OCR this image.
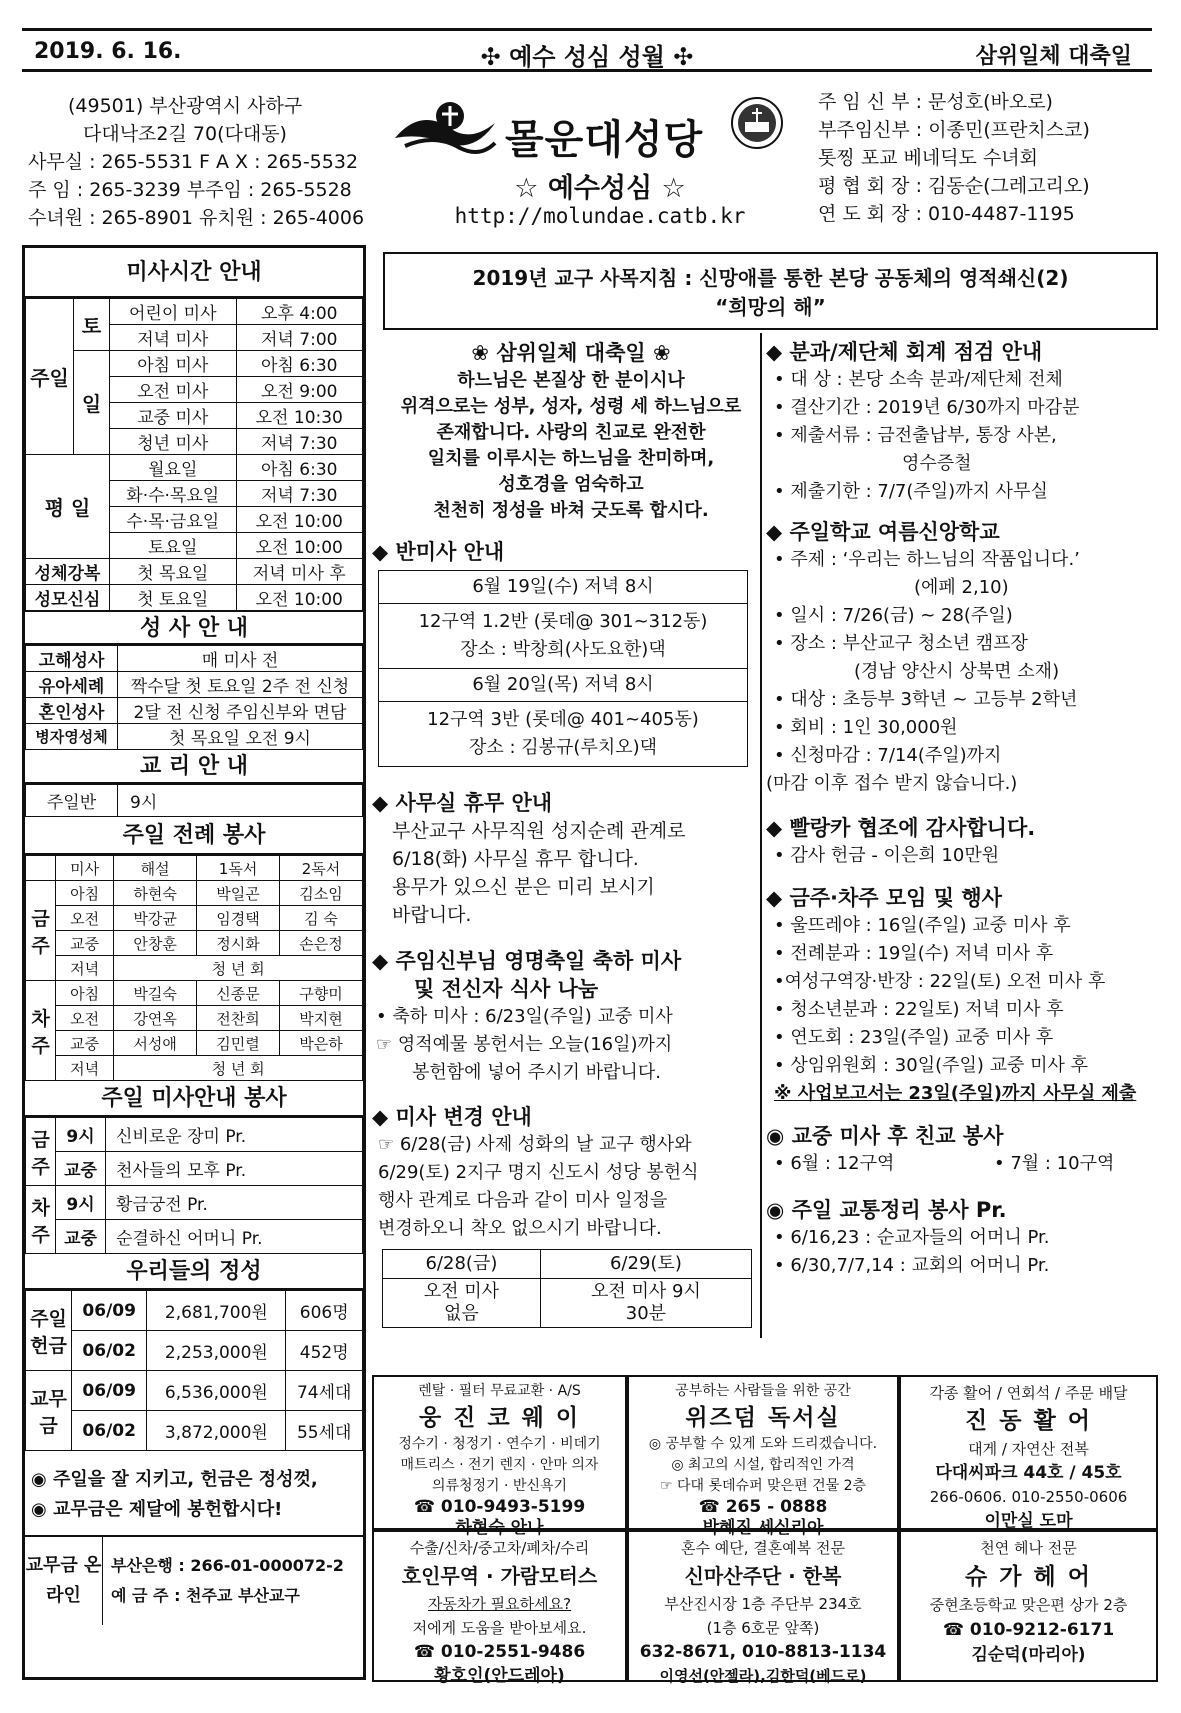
2019. 6. 16.	✣ 예수 성심 성월 ✣	삼위일체 대축일
(49501) 부산광역시 사하구
다대낙조2길 70(다대동)
사무실 : 265-5531 F A X : 265-5532
주 임 : 265-3239 부주임 : 265-5528
수녀원 : 265-8901 유치원 : 265-4006
몰운대성당
☆ 예수성심 ☆
http://molundae.catb.kr
주 임 신 부 : 문성호(바오로)
부주임신부 : 이종민(프란치스코)
톳찡 포교 베네딕도 수녀회
평 협 회 장 : 김동순(그레고리오)
연 도 회 장 : 010-4487-1195
미사시간 안내
주일	토	어린이 미사	오후 4:00
		저녁 미사	저녁 7:00
	일	아침 미사	아침 6:30
		오전 미사	오전 9:00
		교중 미사	오전 10:30
		청년 미사	저녁 7:30
평 일		월요일	아침 6:30
		화·수·목요일	저녁 7:30
		수·목·금요일	오전 10:00
		토요일	오전 10:00
성체강복		첫 목요일	저녁 미사 후
성모신심		첫 토요일	오전 10:00
성 사 안 내
고해성사	매 미사 전
유아세례	짝수달 첫 토요일 2주 전 신청
혼인성사	2달 전 신청 주임신부와 면담
병자영성체	첫 목요일 오전 9시
교 리 안 내
주일반	9시
주일 전례 봉사
	미사	해설	1독서	2독서
금주	아침	하현숙	박일곤	김소임
	오전	박강균	임경택	김 숙
	교중	안창훈	정시화	손은정
	저녁	청 년 회		
차주	아침	박길숙	신종문	구향미
	오전	강연옥	전찬희	박지현
	교중	서성애	김민렬	박은하
	저녁	청 년 회		
주일 미사안내 봉사
금주	9시	신비로운 장미 Pr.
	교중	천사들의 모후 Pr.
차주	9시	황금궁전 Pr.
	교중	순결하신 어머니 Pr.
우리들의 정성
주일헌금	06/09	2,681,700원	606명
	06/02	2,253,000원	452명
교무금	06/09	6,536,000원	74세대
	06/02	3,872,000원	55세대
◉ 주일을 잘 지키고, 헌금은 정성껏,
◉ 교무금은 제달에 봉헌합시다!
교무금 온라인
부산은행 : 266-01-000072-2
예 금 주 : 천주교 부산교구
2019년 교구 사목지침 : 신망애를 통한 본당 공동체의 영적쇄신(2)
“희망의 해”
❀ 삼위일체 대축일 ❀
하느님은 본질상 한 분이시나
위격으로는 성부, 성자, 성령 세 하느님으로
존재합니다. 사랑의 친교로 완전한
일치를 이루시는 하느님을 찬미하며,
성호경을 엄숙하고
천천히 정성을 바쳐 긋도록 합시다.
◆ 반미사 안내
6월 19일(수) 저녁 8시
12구역 1.2반 (롯데@ 301~312동)
장소 : 박창희(사도요한)댁
6월 20일(목) 저녁 8시
12구역 3반 (롯데@ 401~405동)
장소 : 김봉규(루치오)댁
◆ 사무실 휴무 안내
부산교구 사무직원 성지순례 관계로
6/18(화) 사무실 휴무 합니다.
용무가 있으신 분은 미리 보시기
바랍니다.
◆ 주임신부님 영명축일 축하 미사
및 전신자 식사 나눔
• 축하 미사 : 6/23일(주일) 교중 미사
☞ 영적예물 봉헌서는 오늘(16일)까지
봉헌함에 넣어 주시기 바랍니다.
◆ 미사 변경 안내
☞ 6/28(금) 사제 성화의 날 교구 행사와
6/29(토) 2지구 명지 신도시 성당 봉헌식
행사 관계로 다음과 같이 미사 일정을
변경하오니 착오 없으시기 바랍니다.
6/28(금)	6/29(토)
오전 미사 없음	오전 미사 9시 30분
◆ 분과/제단체 회계 점검 안내
• 대 상 : 본당 소속 분과/제단체 전체
• 결산기간 : 2019년 6/30까지 마감분
• 제출서류 : 금전출납부, 통장 사본,
영수증철
• 제출기한 : 7/7(주일)까지 사무실
◆ 주일학교 여름신앙학교
• 주제 : ‘우리는 하느님의 작품입니다.’
(에페 2,10)
• 일시 : 7/26(금) ~ 28(주일)
• 장소 : 부산교구 청소년 캠프장
(경남 양산시 상북면 소재)
• 대상 : 초등부 3학년 ~ 고등부 2학년
• 회비 : 1인 30,000원
• 신청마감 : 7/14(주일)까지
(마감 이후 접수 받지 않습니다.)
◆ 빨랑카 협조에 감사합니다.
• 감사 헌금 - 이은희 10만원
◆ 금주·차주 모임 및 행사
• 울뜨레야 : 16일(주일) 교중 미사 후
• 전례분과 : 19일(수) 저녁 미사 후
•여성구역장·반장 : 22일(토) 오전 미사 후
• 청소년분과 : 22일토) 저녁 미사 후
• 연도회 : 23일(주일) 교중 미사 후
• 상임위원회 : 30일(주일) 교중 미사 후
※ 사업보고서는 23일(주일)까지 사무실 제출
◉ 교중 미사 후 친교 봉사
• 6월 : 12구역	• 7월 : 10구역
◉ 주일 교통정리 봉사 Pr.
• 6/16,23 : 순교자들의 어머니 Pr.
• 6/30,7/7,14 : 교회의 어머니 Pr.
렌탈 · 필터 무료교환 · A/S
웅 진 코 웨 이
정수기 · 청정기 · 연수기 · 비데기
매트리스 · 전기 렌지 · 안마 의자
의류청정기 · 반신욕기
☎ 010-9493-5199
하현숙 안나
공부하는 사람들을 위한 공간
위즈덤 독서실
◎ 공부할 수 있게 도와 드리겠습니다.
◎ 최고의 시설, 합리적인 가격
☞ 다대 롯데슈퍼 맞은편 건물 2층
☎ 265 - 0888
박혜진 세실리아
각종 활어 / 연회석 / 주문 배달
진 동 활 어
대게 / 자연산 전복
다대씨파크 44호 / 45호
266-0606. 010-2550-0606
이만실 도마
수출/신차/중고차/폐차/수리
호인무역 · 가람모터스
자동차가 필요하세요?
저에게 도움을 받아보세요.
☎ 010-2551-9486
황호인(안드레아)
혼수 예단, 결혼예복 전문
신마산주단 · 한복
부산진시장 1층 주단부 234호
(1층 6호문 앞쪽)
632-8671, 010-8813-1134
이영선(안젤라),김한덕(베드로)
천연 헤나 전문
슈 가 헤 어
중현초등학교 맞은편 상가 2층
☎ 010-9212-6171
김순덕(마리아)
